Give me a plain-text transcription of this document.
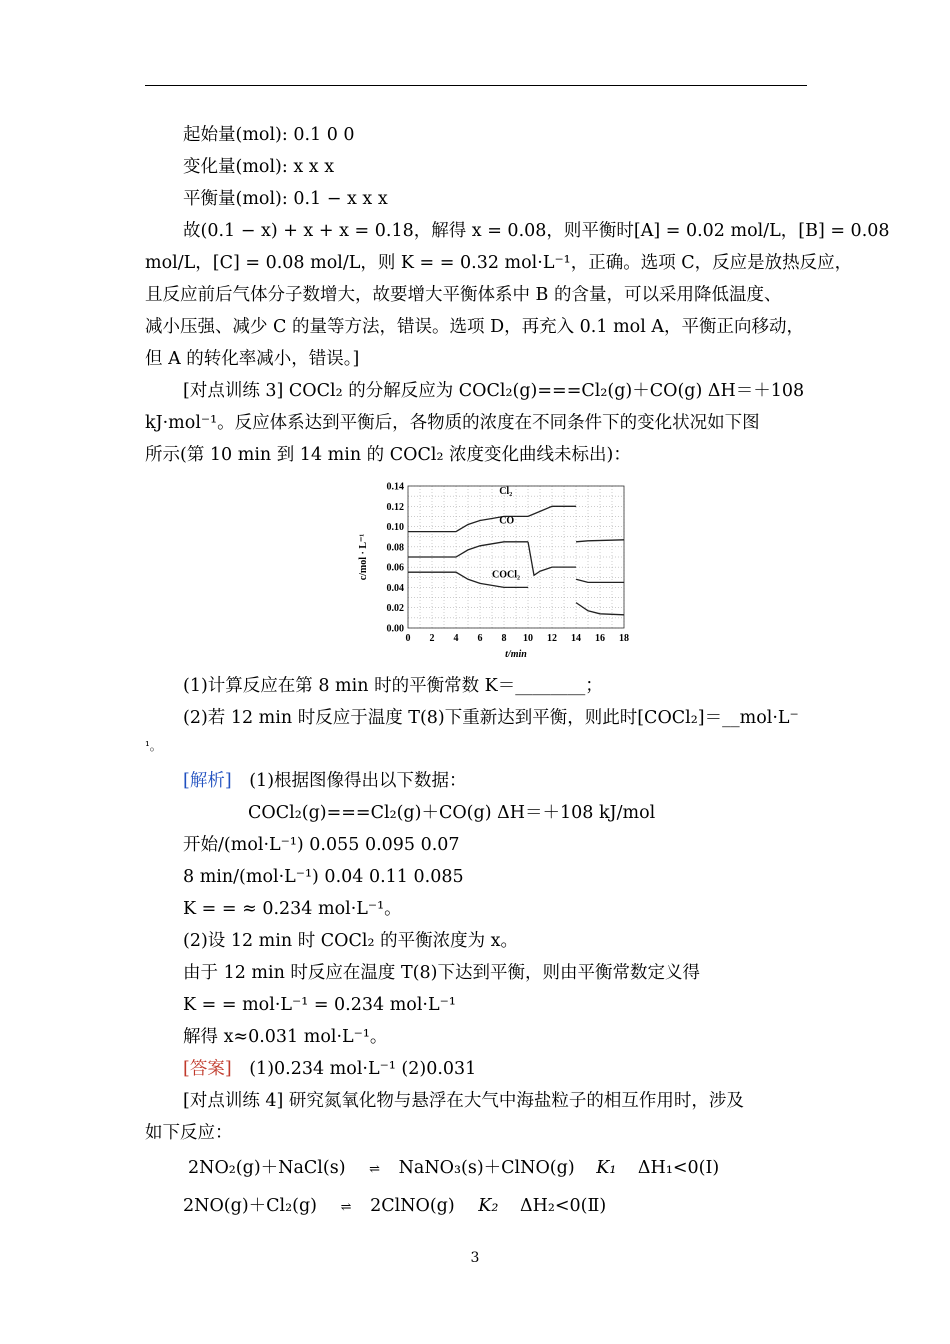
起始量(mol): 0.1 0 0
变化量(mol): x x x
平衡量(mol): 0.1 − x x x
故(0.1 − x) + x + x = 0.18，解得 x = 0.08，则平衡时[A] = 0.02 mol/L，[B] = 0.08
mol/L，[C] = 0.08 mol/L，则 K = = 0.32 mol·L⁻¹，正确。选项 C，反应是放热反应，
且反应前后气体分子数增大，故要增大平衡体系中 B 的含量，可以采用降低温度、
减小压强、减少 C 的量等方法，错误。选项 D，再充入 0.1 mol A，平衡正向移动，
但 A 的转化率减小，错误。]
[对点训练 3] COCl₂ 的分解反应为 COCl₂(g)===Cl₂(g)＋CO(g) ΔH＝＋108
kJ·mol⁻¹。反应体系达到平衡后，各物质的浓度在不同条件下的变化状况如下图
所示(第 10 min 到 14 min 的 COCl₂ 浓度变化曲线未标出)：
0.00
0.02
0.04
0.06
0.08
0.10
0.12
0.14
0 2 4 6 8 10 12 14 16 18
t/min
c/mol · L⁻¹
Cl₂
CO
COCl₂
(1)计算反应在第 8 min 时的平衡常数 K＝________；
(2)若 12 min 时反应于温度 T(8)下重新达到平衡，则此时[COCl₂]＝__mol·L⁻
¹。
[解析] (1)根据图像得出以下数据：
COCl₂(g)===Cl₂(g)＋CO(g) ΔH＝＋108 kJ/mol
开始/(mol·L⁻¹) 0.055 0.095 0.07
8 min/(mol·L⁻¹) 0.04 0.11 0.085
K = = ≈ 0.234 mol·L⁻¹。
(2)设 12 min 时 COCl₂ 的平衡浓度为 x。
由于 12 min 时反应在温度 T(8)下达到平衡，则由平衡常数定义得
K = = mol·L⁻¹ = 0.234 mol·L⁻¹
解得 x≈0.031 mol·L⁻¹。
[答案] (1)0.234 mol·L⁻¹ (2)0.031
[对点训练 4] 研究氮氧化物与悬浮在大气中海盐粒子的相互作用时，涉及
如下反应：
2NO₂(g)＋NaCl(s) ⇌ NaNO₃(s)＋ClNO(g) K₁ ΔH₁<0(Ⅰ)
2NO(g)＋Cl₂(g) ⇌ 2ClNO(g) K₂ ΔH₂<0(Ⅱ)
3
